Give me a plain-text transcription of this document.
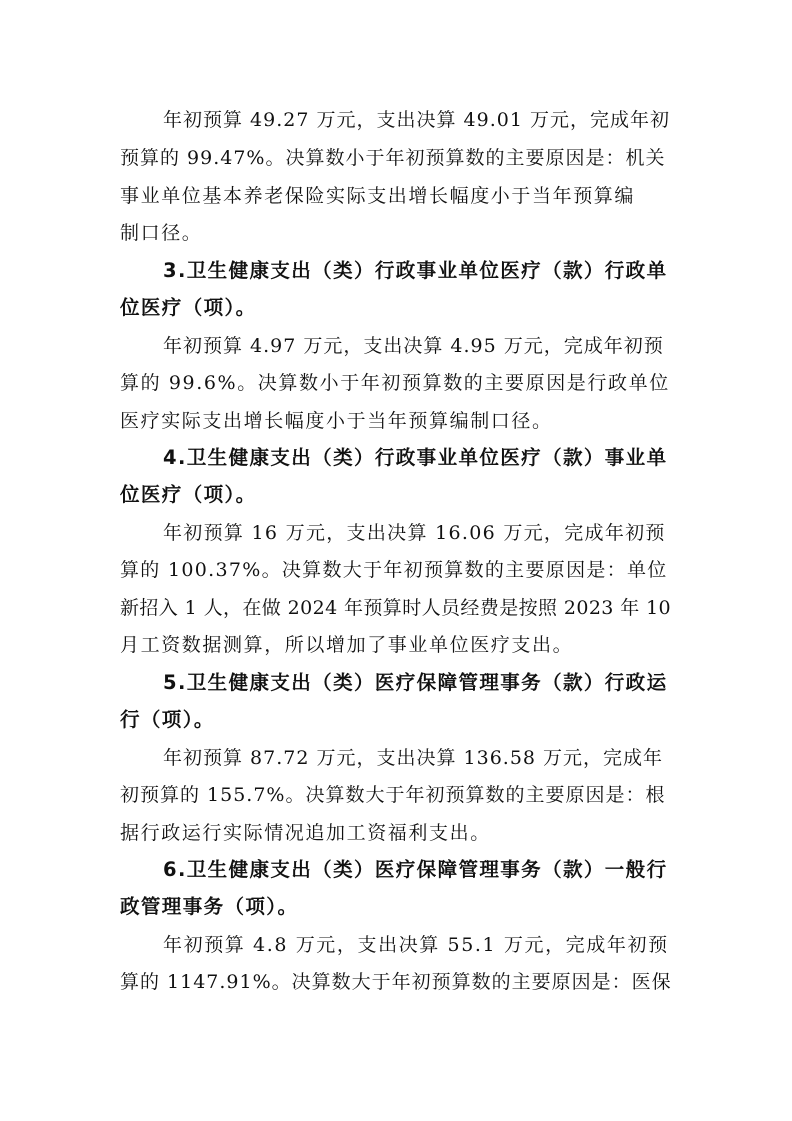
年初预算 49.27 万元，支出决算 49.01 万元，完成年初
预算的 99.47%。决算数小于年初预算数的主要原因是：机关
事业单位基本养老保险实际支出增长幅度小于当年预算编
制口径。
3.卫生健康支出（类）行政事业单位医疗（款）行政单
位医疗（项）。
年初预算 4.97 万元，支出决算 4.95 万元，完成年初预
算的 99.6%。决算数小于年初预算数的主要原因是行政单位
医疗实际支出增长幅度小于当年预算编制口径。
4.卫生健康支出（类）行政事业单位医疗（款）事业单
位医疗（项）。
年初预算 16 万元，支出决算 16.06 万元，完成年初预
算的 100.37%。决算数大于年初预算数的主要原因是：单位
新招入 1 人，在做 2024 年预算时人员经费是按照 2023 年 10
月工资数据测算，所以增加了事业单位医疗支出。
5.卫生健康支出（类）医疗保障管理事务（款）行政运
行（项）。
年初预算 87.72 万元，支出决算 136.58 万元，完成年
初预算的 155.7%。决算数大于年初预算数的主要原因是：根
据行政运行实际情况追加工资福利支出。
6.卫生健康支出（类）医疗保障管理事务（款）一般行
政管理事务（项）。
年初预算 4.8 万元，支出决算 55.1 万元，完成年初预
算的 1147.91%。决算数大于年初预算数的主要原因是：医保
